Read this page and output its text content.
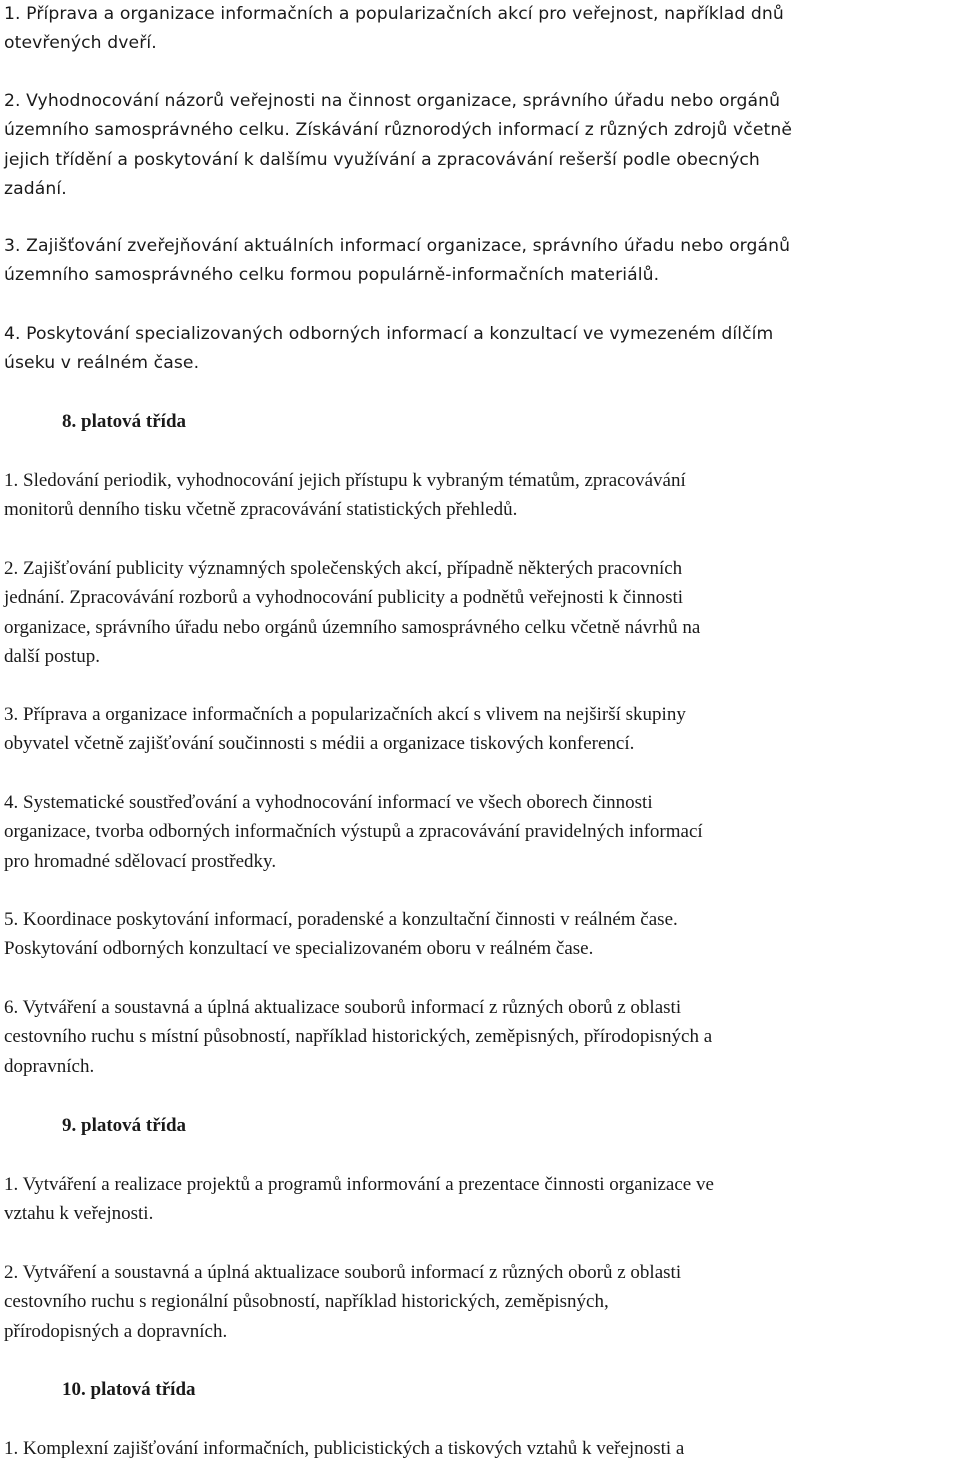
1. Příprava a organizace informačních a popularizačních akcí pro veřejnost, například dnů
otevřených dveří.

2. Vyhodnocování názorů veřejnosti na činnost organizace, správního úřadu nebo orgánů
územního samosprávného celku. Získávání různorodých informací z různých zdrojů včetně
jejich třídění a poskytování k dalšímu využívání a zpracovávání rešerší podle obecných
zadání.

3. Zajišťování zveřejňování aktuálních informací organizace, správního úřadu nebo orgánů
územního samosprávného celku formou populárně-informačních materiálů.

4. Poskytování specializovaných odborných informací a konzultací ve vymezeném dílčím
úseku v reálném čase.

8. platová třída

1. Sledování periodik, vyhodnocování jejich přístupu k vybraným tématům, zpracovávání
monitorů denního tisku včetně zpracovávání statistických přehledů.

2. Zajišťování publicity významných společenských akcí, případně některých pracovních
jednání. Zpracovávání rozborů a vyhodnocování publicity a podnětů veřejnosti k činnosti
organizace, správního úřadu nebo orgánů územního samosprávného celku včetně návrhů na
další postup.

3. Příprava a organizace informačních a popularizačních akcí s vlivem na nejširší skupiny
obyvatel včetně zajišťování součinnosti s médii a organizace tiskových konferencí.

4. Systematické soustřeďování a vyhodnocování informací ve všech oborech činnosti
organizace, tvorba odborných informačních výstupů a zpracovávání pravidelných informací
pro hromadné sdělovací prostředky.

5. Koordinace poskytování informací, poradenské a konzultační činnosti v reálném čase.
Poskytování odborných konzultací ve specializovaném oboru v reálném čase.

6. Vytváření a soustavná a úplná aktualizace souborů informací z různých oborů z oblasti
cestovního ruchu s místní působností, například historických, zeměpisných, přírodopisných a
dopravních.

9. platová třída

1. Vytváření a realizace projektů a programů informování a prezentace činnosti organizace ve
vztahu k veřejnosti.

2. Vytváření a soustavná a úplná aktualizace souborů informací z různých oborů z oblasti
cestovního ruchu s regionální působností, například historických, zeměpisných,
přírodopisných a dopravních.

10. platová třída

1. Komplexní zajišťování informačních, publicistických a tiskových vztahů k veřejnosti a
